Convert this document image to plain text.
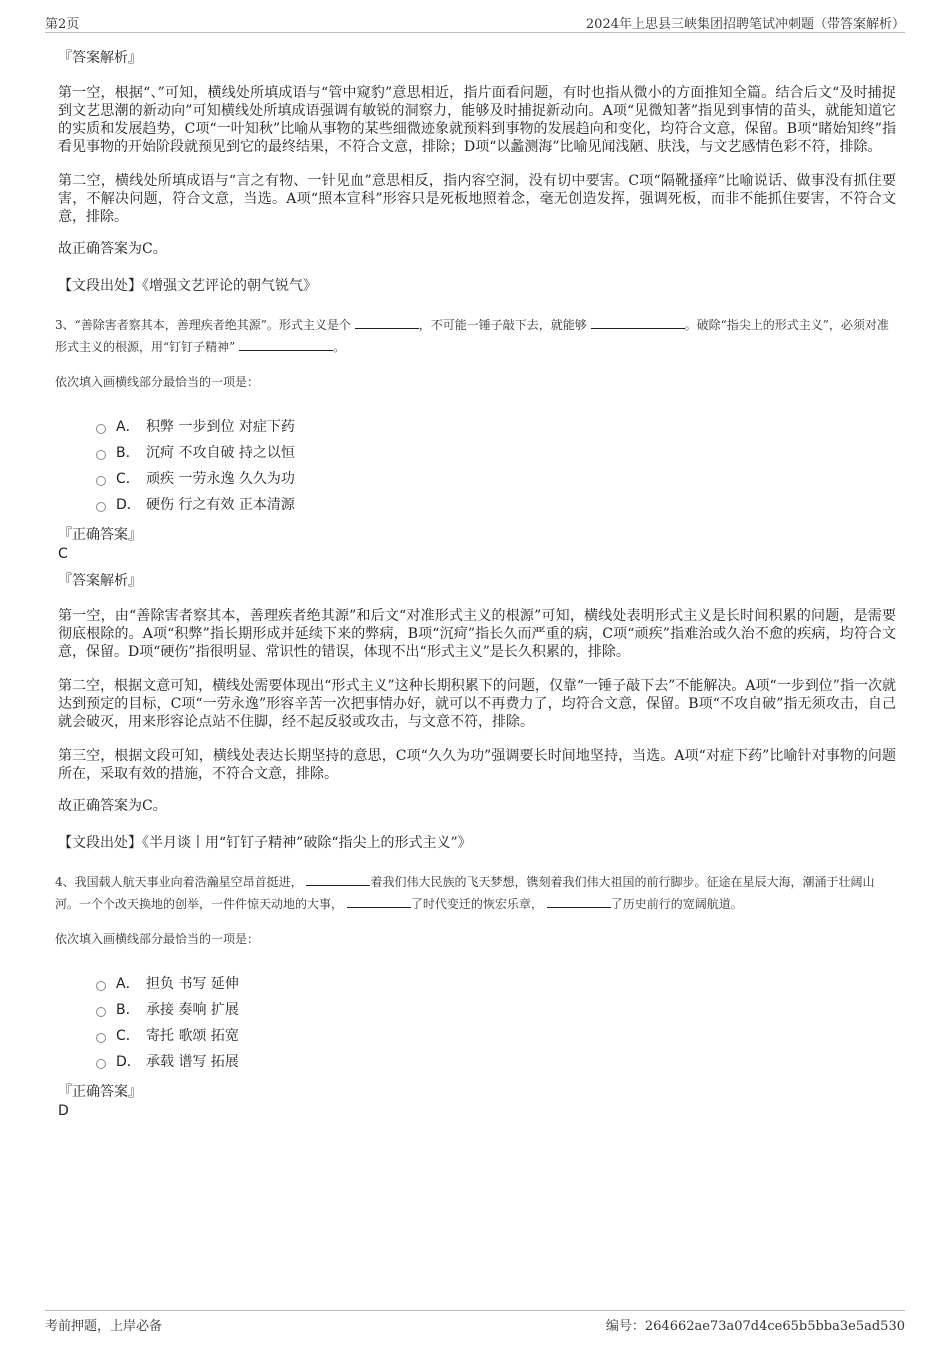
第2页	2024年上思县三峡集团招聘笔试冲刺题（带答案解析）

『答案解析』

第一空，根据“、”可知，横线处所填成语与“管中窥豹”意思相近，指片面看问题，有时也指从微小的方面推知全篇。结合后文“及时捕捉到文艺思潮的新动向”可知横线处所填成语强调有敏锐的洞察力，能够及时捕捉新动向。A项“见微知著”指见到事情的苗头，就能知道它的实质和发展趋势，C项“一叶知秋”比喻从事物的某些细微迹象就预料到事物的发展趋向和变化，均符合文意，保留。B项“睹始知终”指看见事物的开始阶段就预见到它的最终结果，不符合文意，排除；D项“以蠡测海”比喻见闻浅陋、肤浅，与文艺感情色彩不符，排除。

第二空，横线处所填成语与“言之有物、一针见血”意思相反，指内容空洞，没有切中要害。C项“隔靴搔痒”比喻说话、做事没有抓住要害，不解决问题，符合文意，当选。A项“照本宣科”形容只是死板地照着念，毫无创造发挥，强调死板，而非不能抓住要害，不符合文意，排除。

故正确答案为C。

【文段出处】《增强文艺评论的朝气锐气》

3、“善除害者察其本，善理疾者绝其源”。形式主义是个	，不可能一锤子敲下去，就能够	。破除“指尖上的形式主义”，必须对准形式主义的根源，用“钉钉子精神”	。

依次填入画横线部分最恰当的一项是：

A． 积弊 一步到位 对症下药
B． 沉疴 不攻自破 持之以恒
C． 顽疾 一劳永逸 久久为功
D． 硬伤 行之有效 正本清源

『正确答案』

C

『答案解析』

第一空，由“善除害者察其本，善理疾者绝其源”和后文“对准形式主义的根源”可知，横线处表明形式主义是长时间积累的问题，是需要彻底根除的。A项“积弊”指长期形成并延续下来的弊病，B项“沉疴”指长久而严重的病，C项“顽疾”指难治或久治不愈的疾病，均符合文意，保留。D项“硬伤”指很明显、常识性的错误，体现不出“形式主义”是长久积累的，排除。

第二空，根据文意可知，横线处需要体现出“形式主义”这种长期积累下的问题，仅靠“一锤子敲下去”不能解决。A项“一步到位”指一次就达到预定的目标，C项“一劳永逸”形容辛苦一次把事情办好，就可以不再费力了，均符合文意，保留。B项“不攻自破”指无须攻击，自己就会破灭，用来形容论点站不住脚，经不起反驳或攻击，与文意不符，排除。

第三空，根据文段可知，横线处表达长期坚持的意思，C项“久久为功”强调要长时间地坚持，当选。A项“对症下药”比喻针对事物的问题所在，采取有效的措施，不符合文意，排除。

故正确答案为C。

【文段出处】《半月谈丨用“钉钉子精神”破除“指尖上的形式主义”》

4、我国载人航天事业向着浩瀚星空昂首挺进，	着我们伟大民族的飞天梦想，镌刻着我们伟大祖国的前行脚步。征途在星辰大海，潮涌于壮阔山河。一个个改天换地的创举，一件件惊天动地的大事，	了时代变迁的恢宏乐章，	了历史前行的宽阔航道。

依次填入画横线部分最恰当的一项是：

A． 担负 书写 延伸
B． 承接 奏响 扩展
C． 寄托 歌颂 拓宽
D． 承载 谱写 拓展

『正确答案』

D

考前押题，上岸必备	编号：264662ae73a07d4ce65b5bba3e5ad530
